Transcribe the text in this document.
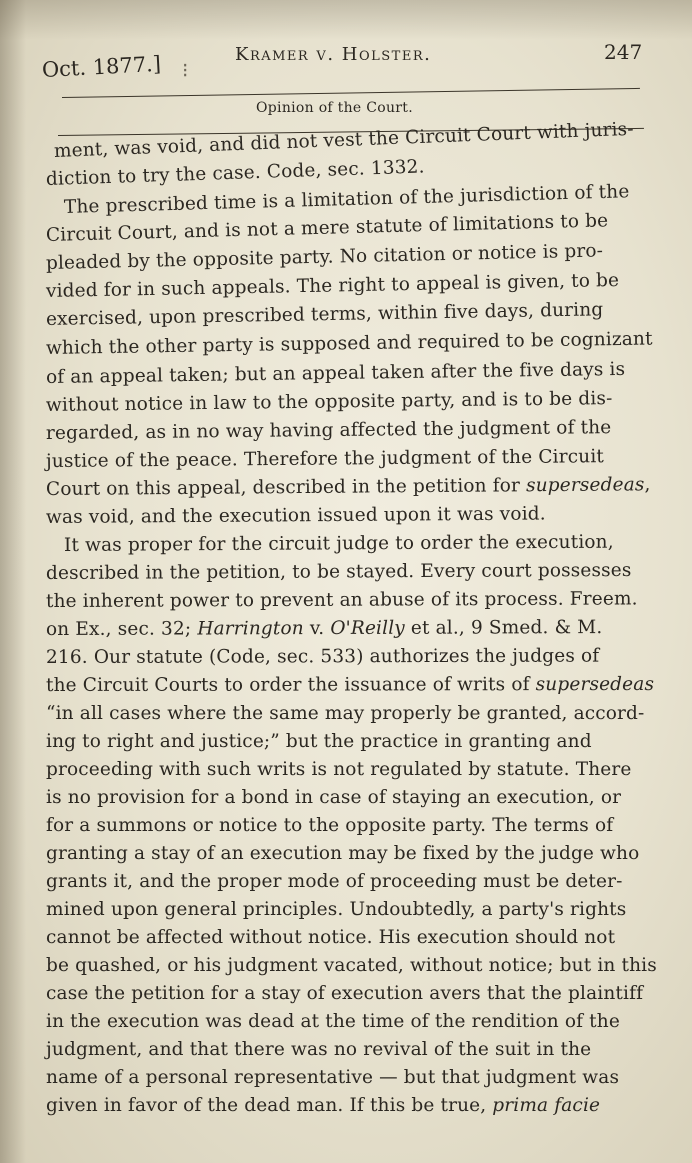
Oct. 1877.] ⁝
Kramer v. Holster.	247
Opinion of the Court.
ment, was void, and did not vest the Circuit Court with juris-
diction to try the case. Code, sec. 1332.
The prescribed time is a limitation of the jurisdiction of the
Circuit Court, and is not a mere statute of limitations to be
pleaded by the opposite party. No citation or notice is pro-
vided for in such appeals. The right to appeal is given, to be
exercised, upon prescribed terms, within five days, during
which the other party is supposed and required to be cognizant
of an appeal taken; but an appeal taken after the five days is
without notice in law to the opposite party, and is to be dis-
regarded, as in no way having affected the judgment of the
justice of the peace. Therefore the judgment of the Circuit
Court on this appeal, described in the petition for supersedeas,
was void, and the execution issued upon it was void.
It was proper for the circuit judge to order the execution,
described in the petition, to be stayed. Every court possesses
the inherent power to prevent an abuse of its process. Freem.
on Ex., sec. 32; Harrington v. O'Reilly et al., 9 Smed. & M.
216. Our statute (Code, sec. 533) authorizes the judges of
the Circuit Courts to order the issuance of writs of supersedeas
“in all cases where the same may properly be granted, accord-
ing to right and justice;” but the practice in granting and
proceeding with such writs is not regulated by statute. There
is no provision for a bond in case of staying an execution, or
for a summons or notice to the opposite party. The terms of
granting a stay of an execution may be fixed by the judge who
grants it, and the proper mode of proceeding must be deter-
mined upon general principles. Undoubtedly, a party's rights
cannot be affected without notice. His execution should not
be quashed, or his judgment vacated, without notice; but in this
case the petition for a stay of execution avers that the plaintiff
in the execution was dead at the time of the rendition of the
judgment, and that there was no revival of the suit in the
name of a personal representative — but that judgment was
given in favor of the dead man. If this be true, prima facie
